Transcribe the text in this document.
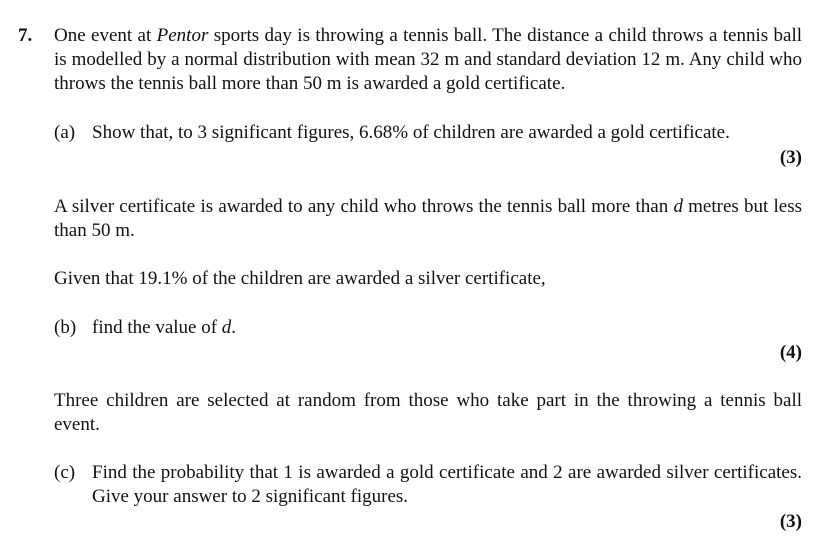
7. One event at Pentor sports day is throwing a tennis ball. The distance a child throws a tennis ball is modelled by a normal distribution with mean 32 m and standard deviation 12 m. Any child who throws the tennis ball more than 50 m is awarded a gold certificate.
(a) Show that, to 3 significant figures, 6.68% of children are awarded a gold certificate.
(3)
A silver certificate is awarded to any child who throws the tennis ball more than d metres but less than 50 m.
Given that 19.1% of the children are awarded a silver certificate,
(b) find the value of d.
(4)
Three children are selected at random from those who take part in the throwing a tennis ball event.
(c) Find the probability that 1 is awarded a gold certificate and 2 are awarded silver certificates. Give your answer to 2 significant figures.
(3)
